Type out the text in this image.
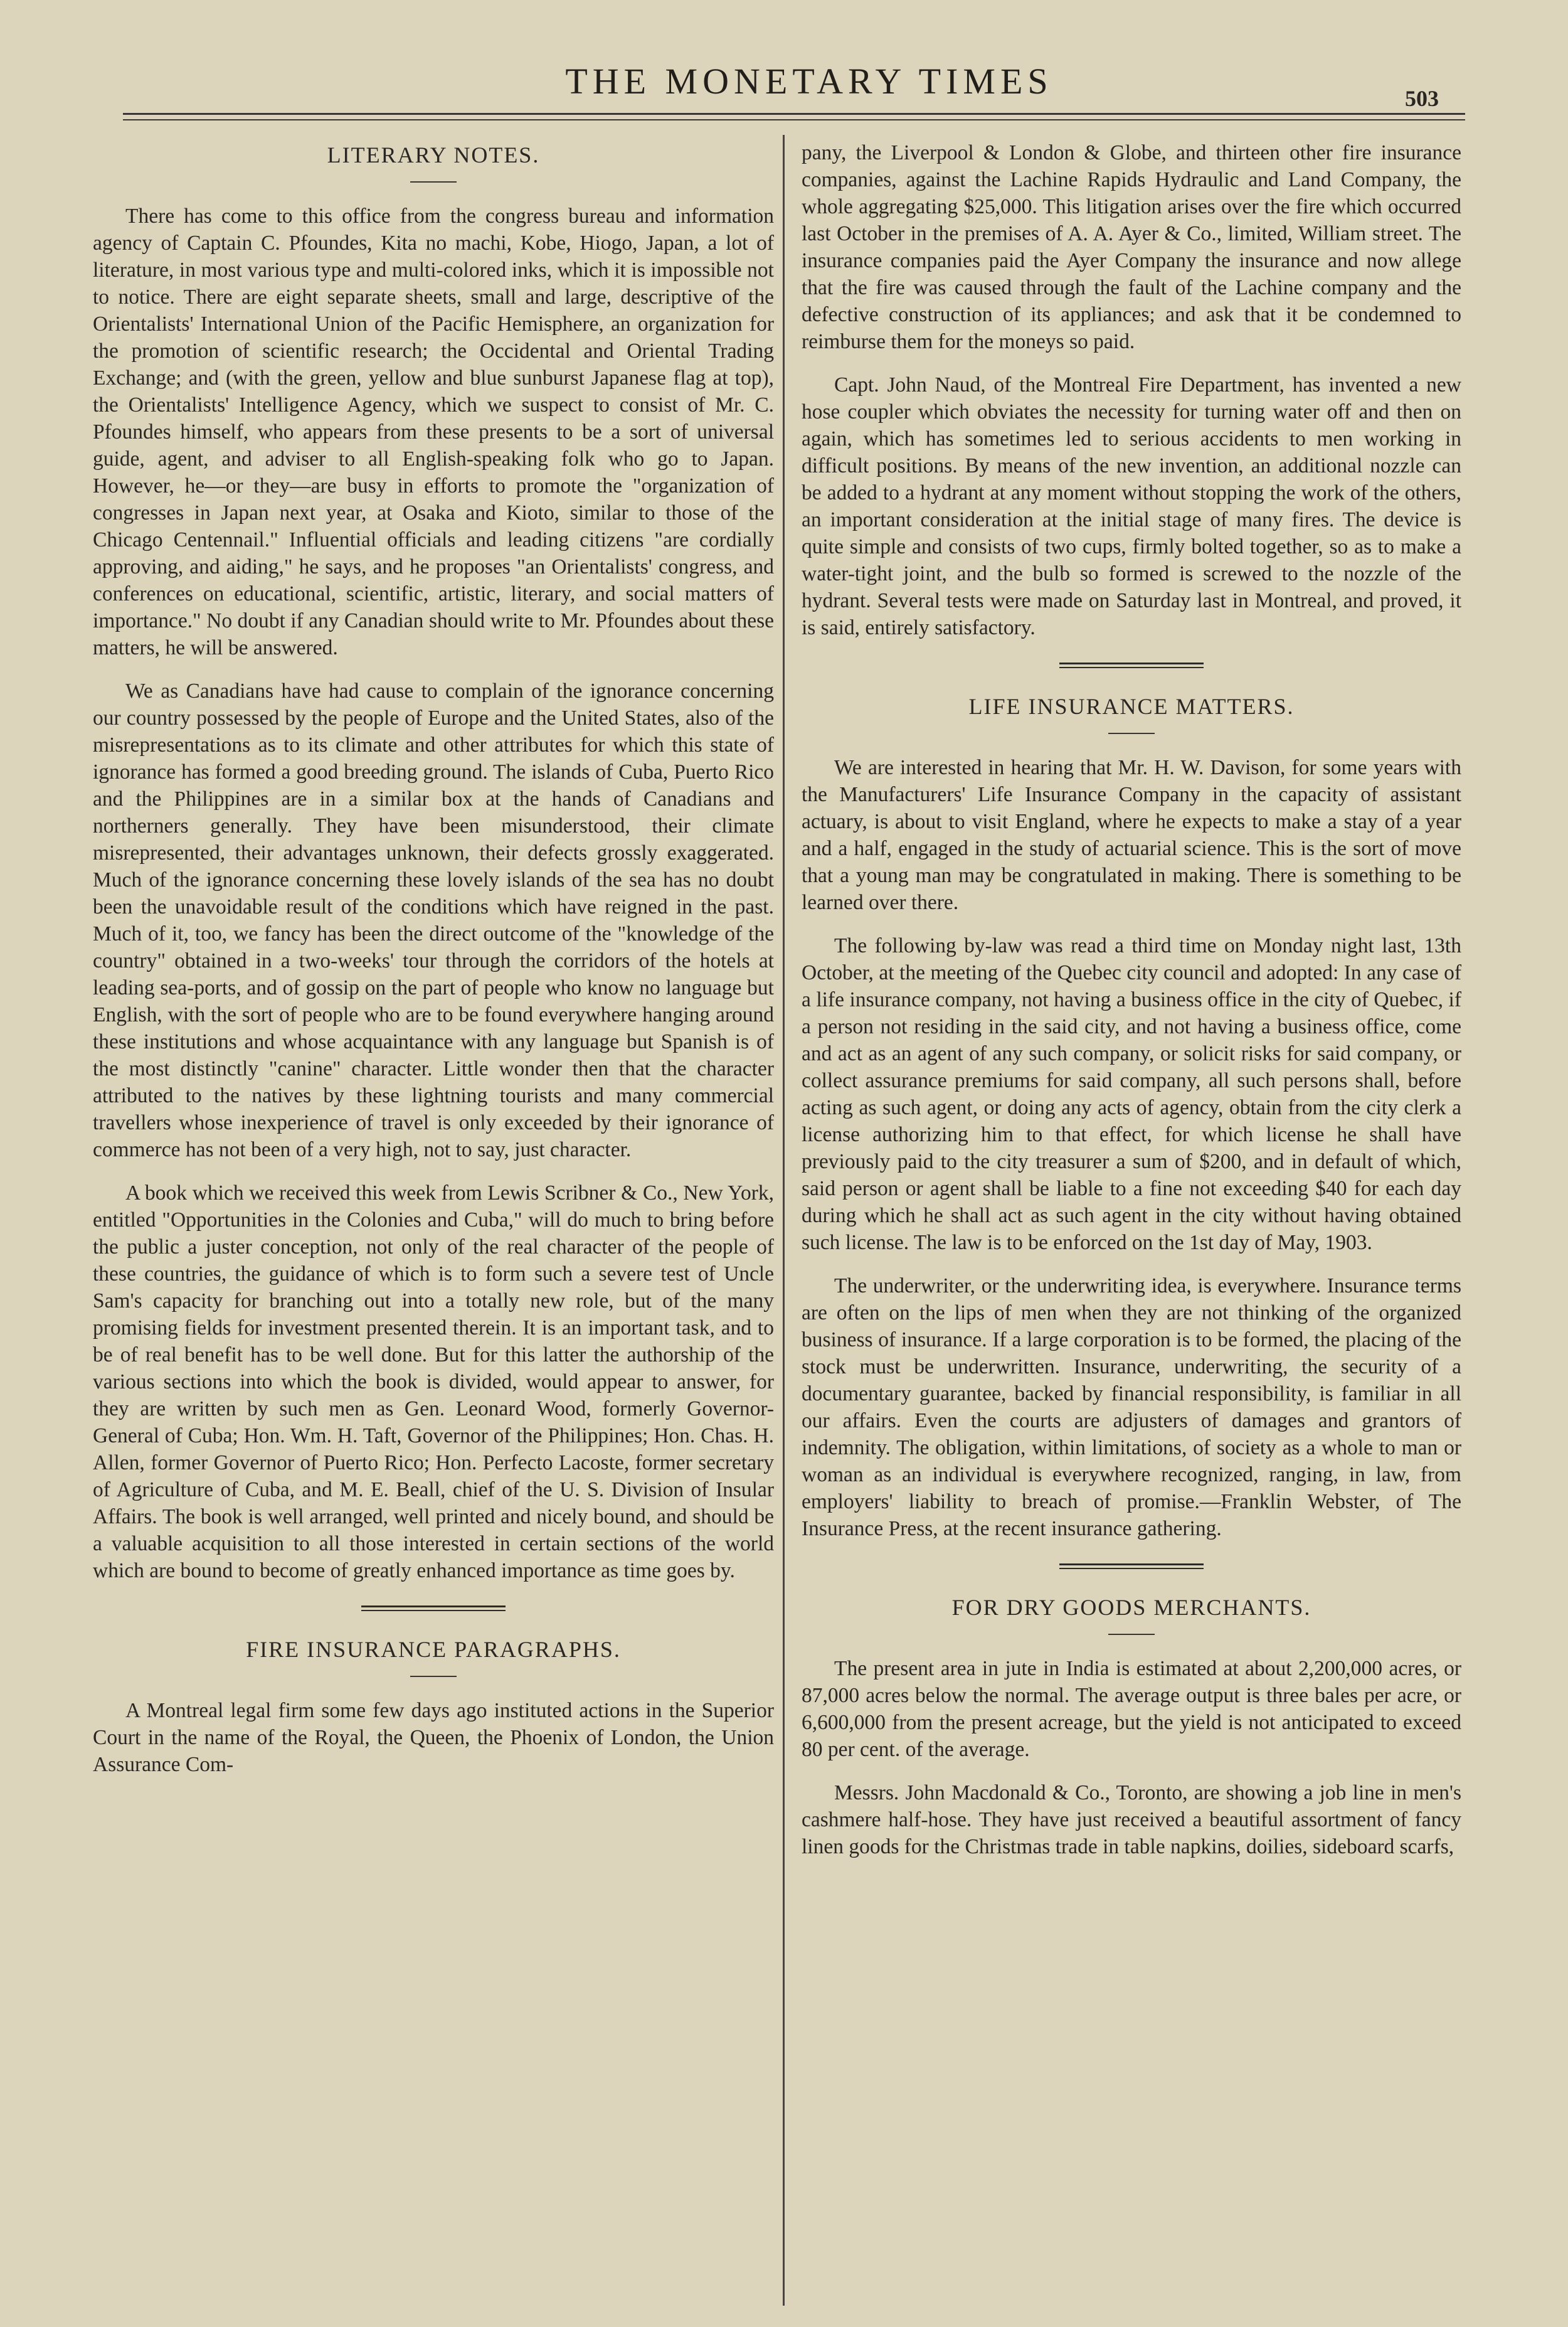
THE MONETARY TIMES	503
LITERARY NOTES.

There has come to this office from the congress bureau and information agency of Captain C. Pfoundes, Kita no machi, Kobe, Hiogo, Japan, a lot of literature, in most various type and multi-colored inks, which it is impossible not to notice. There are eight separate sheets, small and large, descriptive of the Orientalists' International Union of the Pacific Hemisphere, an organization for the promotion of scientific research; the Occidental and Oriental Trading Exchange; and (with the green, yellow and blue sunburst Japanese flag at top), the Orientalists' Intelligence Agency, which we suspect to consist of Mr. C. Pfoundes himself, who appears from these presents to be a sort of universal guide, agent, and adviser to all English-speaking folk who go to Japan. However, he—or they—are busy in efforts to promote the "organization of congresses in Japan next year, at Osaka and Kioto, similar to those of the Chicago Centennail." Influential officials and leading citizens "are cordially approving, and aiding," he says, and he proposes "an Orientalists' congress, and conferences on educational, scientific, artistic, literary, and social matters of importance." No doubt if any Canadian should write to Mr. Pfoundes about these matters, he will be answered.

We as Canadians have had cause to complain of the ignorance concerning our country possessed by the people of Europe and the United States, also of the misrepresentations as to its climate and other attributes for which this state of ignorance has formed a good breeding ground. The islands of Cuba, Puerto Rico and the Philippines are in a similar box at the hands of Canadians and northerners generally. They have been misunderstood, their climate misrepresented, their advantages unknown, their defects grossly exaggerated. Much of the ignorance concerning these lovely islands of the sea has no doubt been the unavoidable result of the conditions which have reigned in the past. Much of it, too, we fancy has been the direct outcome of the "knowledge of the country" obtained in a two-weeks' tour through the corridors of the hotels at leading sea-ports, and of gossip on the part of people who know no language but English, with the sort of people who are to be found everywhere hanging around these institutions and whose acquaintance with any language but Spanish is of the most distinctly "canine" character. Little wonder then that the character attributed to the natives by these lightning tourists and many commercial travellers whose inexperience of travel is only exceeded by their ignorance of commerce has not been of a very high, not to say, just character.

A book which we received this week from Lewis Scribner & Co., New York, entitled "Opportunities in the Colonies and Cuba," will do much to bring before the public a juster conception, not only of the real character of the people of these countries, the guidance of which is to form such a severe test of Uncle Sam's capacity for branching out into a totally new role, but of the many promising fields for investment presented therein. It is an important task, and to be of real benefit has to be well done. But for this latter the authorship of the various sections into which the book is divided, would appear to answer, for they are written by such men as Gen. Leonard Wood, formerly Governor-General of Cuba; Hon. Wm. H. Taft, Governor of the Philippines; Hon. Chas. H. Allen, former Governor of Puerto Rico; Hon. Perfecto Lacoste, former secretary of Agriculture of Cuba, and M. E. Beall, chief of the U. S. Division of Insular Affairs. The book is well arranged, well printed and nicely bound, and should be a valuable acquisition to all those interested in certain sections of the world which are bound to become of greatly enhanced importance as time goes by.

FIRE INSURANCE PARAGRAPHS.

A Montreal legal firm some few days ago instituted actions in the Superior Court in the name of the Royal, the Queen, the Phoenix of London, the Union Assurance Com-

pany, the Liverpool & London & Globe, and thirteen other fire insurance companies, against the Lachine Rapids Hydraulic and Land Company, the whole aggregating $25,000. This litigation arises over the fire which occurred last October in the premises of A. A. Ayer & Co., limited, William street. The insurance companies paid the Ayer Company the insurance and now allege that the fire was caused through the fault of the Lachine company and the defective construction of its appliances; and ask that it be condemned to reimburse them for the moneys so paid.

Capt. John Naud, of the Montreal Fire Department, has invented a new hose coupler which obviates the necessity for turning water off and then on again, which has sometimes led to serious accidents to men working in difficult positions. By means of the new invention, an additional nozzle can be added to a hydrant at any moment without stopping the work of the others, an important consideration at the initial stage of many fires. The device is quite simple and consists of two cups, firmly bolted together, so as to make a water-tight joint, and the bulb so formed is screwed to the nozzle of the hydrant. Several tests were made on Saturday last in Montreal, and proved, it is said, entirely satisfactory.

LIFE INSURANCE MATTERS.

We are interested in hearing that Mr. H. W. Davison, for some years with the Manufacturers' Life Insurance Company in the capacity of assistant actuary, is about to visit England, where he expects to make a stay of a year and a half, engaged in the study of actuarial science. This is the sort of move that a young man may be congratulated in making. There is something to be learned over there.

The following by-law was read a third time on Monday night last, 13th October, at the meeting of the Quebec city council and adopted: In any case of a life insurance company, not having a business office in the city of Quebec, if a person not residing in the said city, and not having a business office, come and act as an agent of any such company, or solicit risks for said company, or collect assurance premiums for said company, all such persons shall, before acting as such agent, or doing any acts of agency, obtain from the city clerk a license authorizing him to that effect, for which license he shall have previously paid to the city treasurer a sum of $200, and in default of which, said person or agent shall be liable to a fine not exceeding $40 for each day during which he shall act as such agent in the city without having obtained such license. The law is to be enforced on the 1st day of May, 1903.

The underwriter, or the underwriting idea, is everywhere. Insurance terms are often on the lips of men when they are not thinking of the organized business of insurance. If a large corporation is to be formed, the placing of the stock must be underwritten. Insurance, underwriting, the security of a documentary guarantee, backed by financial responsibility, is familiar in all our affairs. Even the courts are adjusters of damages and grantors of indemnity. The obligation, within limitations, of society as a whole to man or woman as an individual is everywhere recognized, ranging, in law, from employers' liability to breach of promise.—Franklin Webster, of The Insurance Press, at the recent insurance gathering.

FOR DRY GOODS MERCHANTS.

The present area in jute in India is estimated at about 2,200,000 acres, or 87,000 acres below the normal. The average output is three bales per acre, or 6,600,000 from the present acreage, but the yield is not anticipated to exceed 80 per cent. of the average.

Messrs. John Macdonald & Co., Toronto, are showing a job line in men's cashmere half-hose. They have just received a beautiful assortment of fancy linen goods for the Christmas trade in table napkins, doilies, sideboard scarfs,
